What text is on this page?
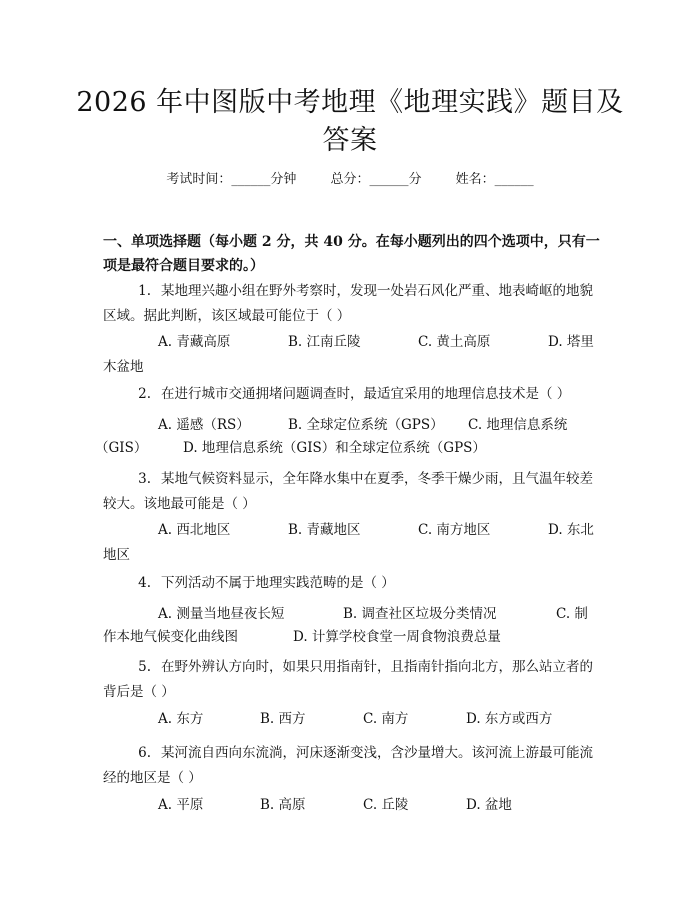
2026 年中图版中考地理《地理实践》题目及
答案
考试时间：______分钟	总分：______分	姓名：______
一、单项选择题（每小题 2 分，共 40 分。在每小题列出的四个选项中，只有一项是最符合题目要求的。）
1. 某地理兴趣小组在野外考察时，发现一处岩石风化严重、地表崎岖的地貌
区域。据此判断，该区域最可能位于（ ）
A. 青藏高原	B. 江南丘陵	C. 黄土高原	D. 塔里
木盆地
2. 在进行城市交通拥堵问题调查时，最适宜采用的地理信息技术是（ ）
A. 遥感（RS）	B. 全球定位系统（GPS） C. 地理信息系统
（GIS）	D. 地理信息系统（GIS）和全球定位系统（GPS）
3. 某地气候资料显示，全年降水集中在夏季，冬季干燥少雨，且气温年较差
较大。该地最可能是（ ）
A. 西北地区	B. 青藏地区	C. 南方地区	D. 东北
地区
4. 下列活动不属于地理实践范畴的是（ ）
A. 测量当地昼夜长短	B. 调查社区垃圾分类情况	C. 制
作本地气候变化曲线图	D. 计算学校食堂一周食物浪费总量
5. 在野外辨认方向时，如果只用指南针，且指南针指向北方，那么站立者的
背后是（ ）
A. 东方	B. 西方	C. 南方	D. 东方或西方
6. 某河流自西向东流淌，河床逐渐变浅，含沙量增大。该河流上游最可能流
经的地区是（ ）
A. 平原	B. 高原	C. 丘陵	D. 盆地
